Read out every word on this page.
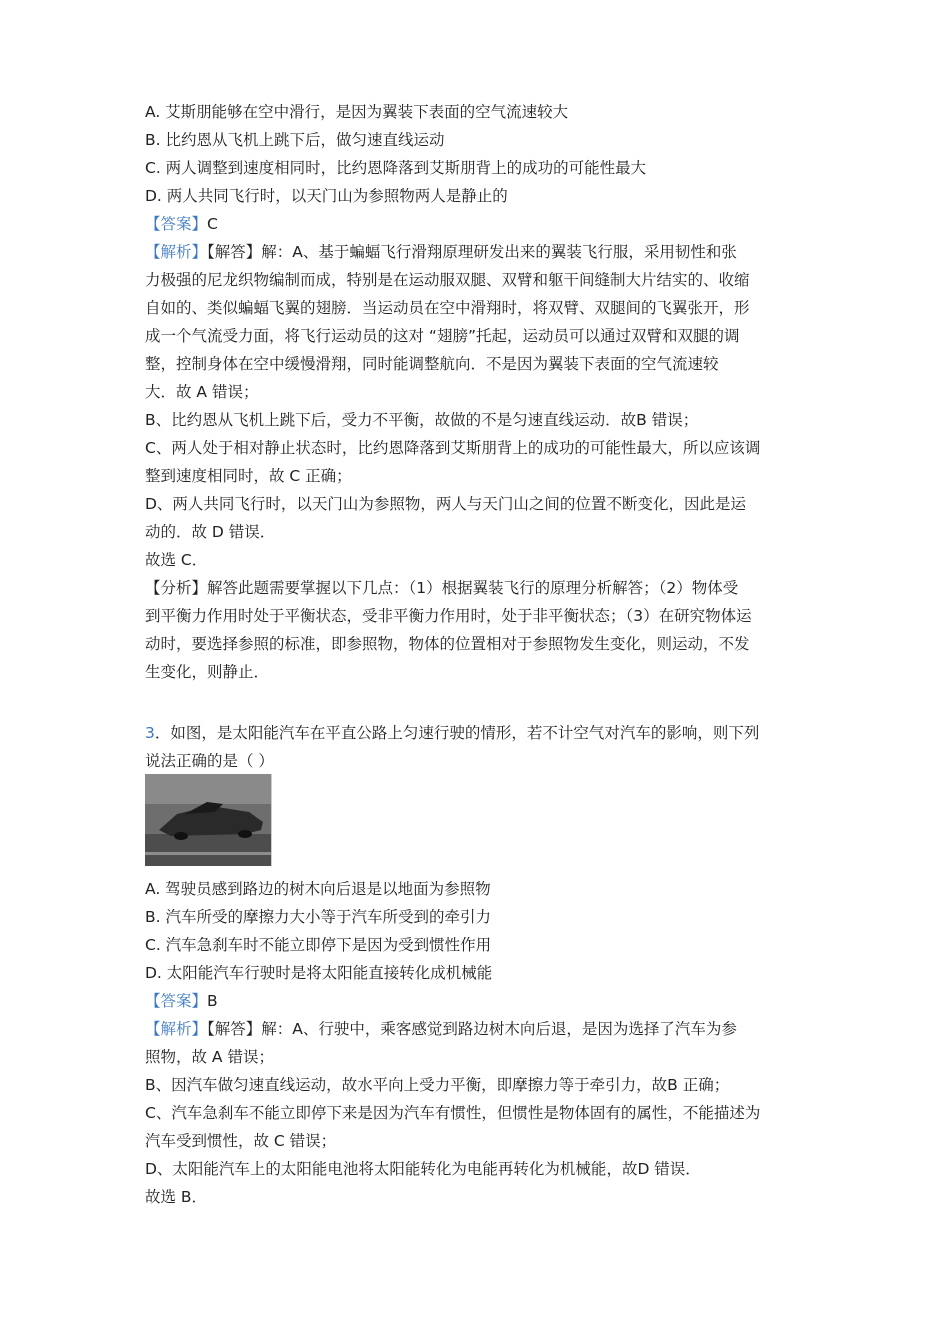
A. 艾斯朋能够在空中滑行，是因为翼装下表面的空气流速较大
B. 比约恩从飞机上跳下后，做匀速直线运动
C. 两人调整到速度相同时，比约恩降落到艾斯朋背上的成功的可能性最大
D. 两人共同飞行时，以天门山为参照物两人是静止的
【答案】C
【解析】【解答】解：A、基于蝙蝠飞行滑翔原理研发出来的翼装飞行服，采用韧性和张
力极强的尼龙织物编制而成，特别是在运动服双腿、双臂和躯干间缝制大片结实的、收缩
自如的、类似蝙蝠飞翼的翅膀．当运动员在空中滑翔时，将双臂、双腿间的飞翼张开，形
成一个气流受力面，将飞行运动员的这对 “翅膀”托起，运动员可以通过双臂和双腿的调
整，控制身体在空中缓慢滑翔，同时能调整航向．不是因为翼装下表面的空气流速较
大．故 A 错误；
B、比约恩从飞机上跳下后，受力不平衡，故做的不是匀速直线运动．故B 错误；
C、两人处于相对静止状态时，比约恩降落到艾斯朋背上的成功的可能性最大，所以应该调
整到速度相同时，故 C 正确；
D、两人共同飞行时，以天门山为参照物，两人与天门山之间的位置不断变化，因此是运
动的．故 D 错误．
故选 C．
【分析】解答此题需要掌握以下几点：（1）根据翼装飞行的原理分析解答；（2）物体受
到平衡力作用时处于平衡状态，受非平衡力作用时，处于非平衡状态；（3）在研究物体运
动时，要选择参照的标准，即参照物，物体的位置相对于参照物发生变化，则运动，不发
生变化，则静止．
3．如图，是太阳能汽车在平直公路上匀速行驶的情形，若不计空气对汽车的影响，则下列
说法正确的是（ ）
A. 驾驶员感到路边的树木向后退是以地面为参照物
B. 汽车所受的摩擦力大小等于汽车所受到的牵引力
C. 汽车急刹车时不能立即停下是因为受到惯性作用
D. 太阳能汽车行驶时是将太阳能直接转化成机械能
【答案】B
【解析】【解答】解：A、行驶中，乘客感觉到路边树木向后退，是因为选择了汽车为参
照物，故 A 错误；
B、因汽车做匀速直线运动，故水平向上受力平衡，即摩擦力等于牵引力，故B 正确；
C、汽车急刹车不能立即停下来是因为汽车有惯性，但惯性是物体固有的属性，不能描述为
汽车受到惯性，故 C 错误；
D、太阳能汽车上的太阳能电池将太阳能转化为电能再转化为机械能，故D 错误．
故选 B．
